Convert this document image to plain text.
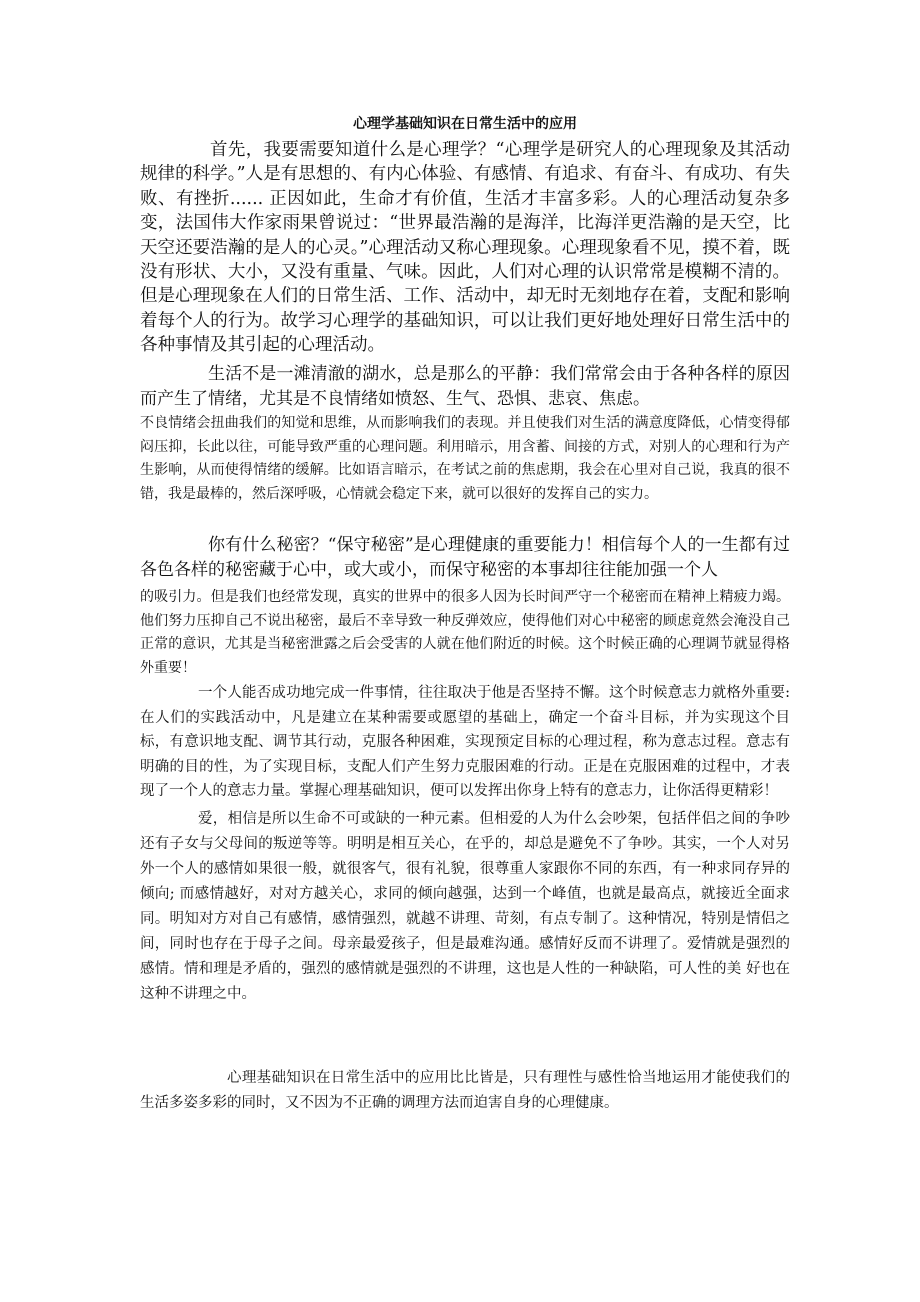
心理学基础知识在日常生活中的应用

首先，我要需要知道什么是心理学？“心理学是研究人的心理现象及其活动规律的科学。”人是有思想的、有内心体验、有感情、有追求、有奋斗、有成功、有失败、有挫折...... 正因如此，生命才有价值，生活才丰富多彩。人的心理活动复杂多变，法国伟大作家雨果曾说过：“世界最浩瀚的是海洋，比海洋更浩瀚的是天空，比天空还要浩瀚的是人的心灵。”心理活动又称心理现象。心理现象看不见，摸不着，既没有形状、大小，又没有重量、气味。因此，人们对心理的认识常常是模糊不清的。但是心理现象在人们的日常生活、工作、活动中，却无时无刻地存在着，支配和影响着每个人的行为。故学习心理学的基础知识，可以让我们更好地处理好日常生活中的各种事情及其引起的心理活动。

生活不是一滩清澈的湖水，总是那么的平静：我们常常会由于各种各样的原因而产生了情绪，尤其是不良情绪如愤怒、生气、恐惧、悲哀、焦虑。

不良情绪会扭曲我们的知觉和思维，从而影响我们的表现。并且使我们对生活的满意度降低，心情变得郁闷压抑，长此以往，可能导致严重的心理问题。利用暗示，用含蓄、间接的方式，对别人的心理和行为产生影响，从而使得情绪的缓解。比如语言暗示，在考试之前的焦虑期，我会在心里对自己说，我真的很不错，我是最棒的，然后深呼吸，心情就会稳定下来，就可以很好的发挥自己的实力。

你有什么秘密？“保守秘密”是心理健康的重要能力！相信每个人的一生都有过各色各样的秘密藏于心中，或大或小，而保守秘密的本事却往往能加强一个人

的吸引力。但是我们也经常发现，真实的世界中的很多人因为长时间严守一个秘密而在精神上精疲力竭。他们努力压抑自己不说出秘密，最后不幸导致一种反弹效应，使得他们对心中秘密的顾虑竟然会淹没自己正常的意识，尤其是当秘密泄露之后会受害的人就在他们附近的时候。这个时候正确的心理调节就显得格外重要！

一个人能否成功地完成一件事情，往往取决于他是否坚持不懈。这个时候意志力就格外重要: 在人们的实践活动中，凡是建立在某种需要或愿望的基础上，确定一个奋斗目标，并为实现这个目标，有意识地支配、调节其行动，克服各种困难，实现预定目标的心理过程，称为意志过程。意志有明确的目的性，为了实现目标，支配人们产生努力克服困难的行动。正是在克服困难的过程中，才表现了一个人的意志力量。掌握心理基础知识，便可以发挥出你身上特有的意志力，让你活得更精彩！

爱，相信是所以生命不可或缺的一种元素。但相爱的人为什么会吵架，包括伴侣之间的争吵还有子女与父母间的叛逆等等。明明是相互关心，在乎的，却总是避免不了争吵。其实，一个人对另外一个人的感情如果很一般，就很客气，很有礼貌，很尊重人家跟你不同的东西，有一种求同存异的倾向; 而感情越好，对对方越关心，求同的倾向越强，达到一个峰值，也就是最高点，就接近全面求同。明知对方对自己有感情，感情强烈，就越不讲理、苛刻，有点专制了。这种情况，特别是情侣之间，同时也存在于母子之间。母亲最爱孩子，但是最难沟通。感情好反而不讲理了。爱情就是强烈的感情。情和理是矛盾的，强烈的感情就是强烈的不讲理，这也是人性的一种缺陷，可人性的美 好也在这种不讲理之中。

心理基础知识在日常生活中的应用比比皆是，只有理性与感性恰当地运用才能使我们的生活多姿多彩的同时，又不因为不正确的调理方法而迫害自身的心理健康。
